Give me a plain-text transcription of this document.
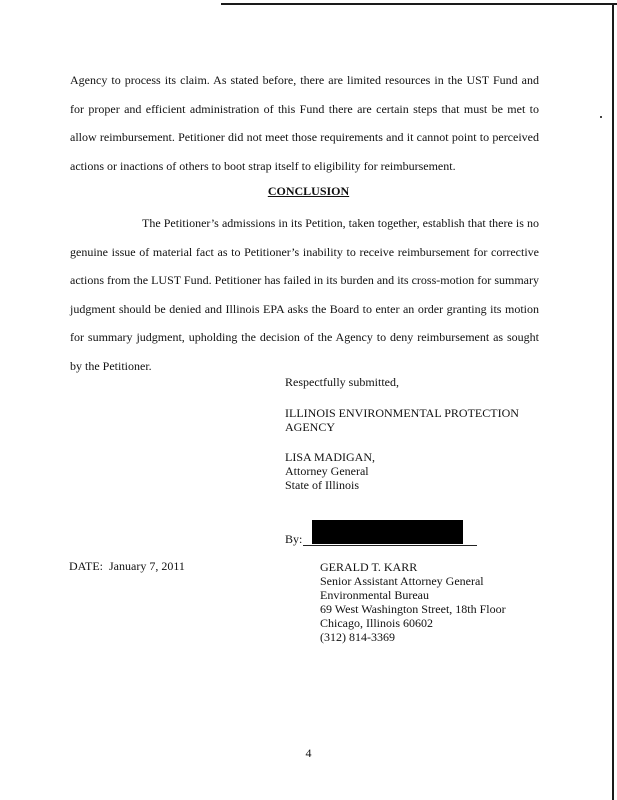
Agency to process its claim. As stated before, there are limited resources in the UST Fund and for proper and efficient administration of this Fund there are certain steps that must be met to allow reimbursement. Petitioner did not meet those requirements and it cannot point to perceived actions or inactions of others to boot strap itself to eligibility for reimbursement.

CONCLUSION

The Petitioner’s admissions in its Petition, taken together, establish that there is no genuine issue of material fact as to Petitioner’s inability to receive reimbursement for corrective actions from the LUST Fund. Petitioner has failed in its burden and its cross-motion for summary judgment should be denied and Illinois EPA asks the Board to enter an order granting its motion for summary judgment, upholding the decision of the Agency to deny reimbursement as sought by the Petitioner.

Respectfully submitted,

ILLINOIS ENVIRONMENTAL PROTECTION
AGENCY
LISA MADIGAN,
Attorney General
State of Illinois
By:

DATE: January 7, 2011	GERALD T. KARR
Senior Assistant Attorney General
Environmental Bureau
69 West Washington Street, 18th Floor
Chicago, Illinois 60602
(312) 814-3369

4
